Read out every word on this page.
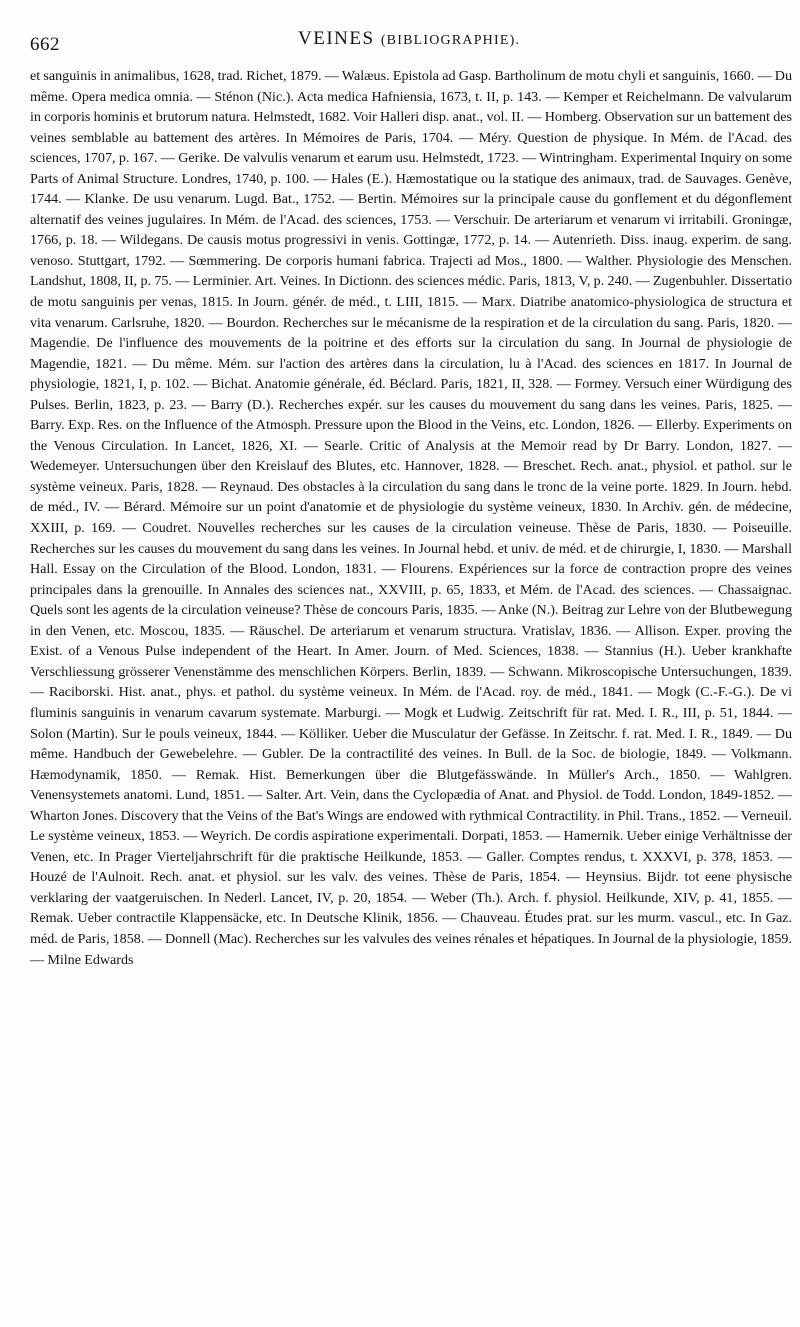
662	VEINES (BIBLIOGRAPHIE).

et sanguinis in animalibus, 1628, trad. Richet, 1879. — Walæus. Epistola ad Gasp. Bartholinum de motu chyli et sanguinis, 1660. — Du même. Opera medica omnia. — Sténon (Nic.). Acta medica Hafniensia, 1673, t. II, p. 143. — Kemper et Reichelmann. De valvularum in corporis hominis et brutorum natura. Helmstedt, 1682. Voir Halleri disp. anat., vol. II. — Homberg. Observation sur un battement des veines semblable au battement des artères. In Mémoires de Paris, 1704. — Méry. Question de physique. In Mém. de l'Acad. des sciences, 1707, p. 167. — Gerike. De valvulis venarum et earum usu. Helmstedt, 1723. — Wintringham. Experimental Inquiry on some Parts of Animal Structure. Londres, 1740, p. 100. — Hales (E.). Hæmostatique ou la statique des animaux, trad. de Sauvages. Genève, 1744. — Klanke. De usu venarum. Lugd. Bat., 1752. — Bertin. Mémoires sur la principale cause du gonflement et du dégonflement alternatif des veines jugulaires. In Mém. de l'Acad. des sciences, 1753. — Verschuir. De arteriarum et venarum vi irritabili. Groningæ, 1766, p. 18. — Wildegans. De causis motus progressivi in venis. Gottingæ, 1772, p. 14. — Autenrieth. Diss. inaug. experim. de sang. venoso. Stuttgart, 1792. — Sœmmering. De corporis humani fabrica. Trajecti ad Mos., 1800. — Walther. Physiologie des Menschen. Landshut, 1808, II, p. 75. — Lerminier. Art. Veines. In Dictionn. des sciences médic. Paris, 1813, V, p. 240. — Zugenbuhler. Dissertatio de motu sanguinis per venas, 1815. In Journ. génér. de méd., t. LIII, 1815. — Marx. Diatribe anatomico-physiologica de structura et vita venarum. Carlsruhe, 1820. — Bourdon. Recherches sur le mécanisme de la respiration et de la circulation du sang. Paris, 1820. — Magendie. De l'influence des mouvements de la poitrine et des efforts sur la circulation du sang. In Journal de physiologie de Magendie, 1821. — Du même. Mém. sur l'action des artères dans la circulation, lu à l'Acad. des sciences en 1817. In Journal de physiologie, 1821, I, p. 102. — Bichat. Anatomie générale, éd. Béclard. Paris, 1821, II, 328. — Formey. Versuch einer Würdigung des Pulses. Berlin, 1823, p. 23. — Barry (D.). Recherches expér. sur les causes du mouvement du sang dans les veines. Paris, 1825. — Barry. Exp. Res. on the Influence of the Atmosph. Pressure upon the Blood in the Veins, etc. London, 1826. — Ellerby. Experiments on the Venous Circulation. In Lancet, 1826, XI. — Searle. Critic of Analysis at the Memoir read by Dr Barry. London, 1827. — Wedemeyer. Untersuchungen über den Kreislauf des Blutes, etc. Hannover, 1828. — Breschet. Rech. anat., physiol. et pathol. sur le système veineux. Paris, 1828. — Reynaud. Des obstacles à la circulation du sang dans le tronc de la veine porte. 1829. In Journ. hebd. de méd., IV. — Bérard. Mémoire sur un point d'anatomie et de physiologie du système veineux, 1830. In Archiv. gén. de médecine, XXIII, p. 169. — Coudret. Nouvelles recherches sur les causes de la circulation veineuse. Thèse de Paris, 1830. — Poiseuille. Recherches sur les causes du mouvement du sang dans les veines. In Journal hebd. et univ. de méd. et de chirurgie, I, 1830. — Marshall Hall. Essay on the Circulation of the Blood. London, 1831. — Flourens. Expériences sur la force de contraction propre des veines principales dans la grenouille. In Annales des sciences nat., XXVIII, p. 65, 1833, et Mém. de l'Acad. des sciences. — Chassaignac. Quels sont les agents de la circulation veineuse? Thèse de concours Paris, 1835. — Anke (N.). Beitrag zur Lehre von der Blutbewegung in den Venen, etc. Moscou, 1835. — Räuschel. De arteriarum et venarum structura. Vratislav, 1836. — Allison. Exper. proving the Exist. of a Venous Pulse independent of the Heart. In Amer. Journ. of Med. Sciences, 1838. — Stannius (H.). Ueber krankhafte Verschliessung grösserer Venenstämme des menschlichen Körpers. Berlin, 1839. — Schwann. Mikroscopische Untersuchungen, 1839. — Raciborski. Hist. anat., phys. et pathol. du système veineux. In Mém. de l'Acad. roy. de méd., 1841. — Mogk (C.-F.-G.). De vi fluminis sanguinis in venarum cavarum systemate. Marburgi. — Mogk et Ludwig. Zeitschrift für rat. Med. I. R., III, p. 51, 1844. — Solon (Martin). Sur le pouls veineux, 1844. — Kölliker. Ueber die Musculatur der Gefässe. In Zeitschr. f. rat. Med. I. R., 1849. — Du même. Handbuch der Gewebelehre. — Gubler. De la contractilité des veines. In Bull. de la Soc. de biologie, 1849. — Volkmann. Hæmodynamik, 1850. — Remak. Hist. Bemerkungen über die Blutgefässwände. In Müller's Arch., 1850. — Wahlgren. Venensystemets anatomi. Lund, 1851. — Salter. Art. Vein, dans the Cyclopædia of Anat. and Physiol. de Todd. London, 1849-1852. — Wharton Jones. Discovery that the Veins of the Bat's Wings are endowed with rythmical Contractility. in Phil. Trans., 1852. — Verneuil. Le système veineux, 1853. — Weyrich. De cordis aspiratione experimentali. Dorpati, 1853. — Hamernik. Ueber einige Verhältnisse der Venen, etc. In Prager Vierteljahrschrift für die praktische Heilkunde, 1853. — Galler. Comptes rendus, t. XXXVI, p. 378, 1853. — Houzé de l'Aulnoit. Rech. anat. et physiol. sur les valv. des veines. Thèse de Paris, 1854. — Heynsius. Bijdr. tot eene physische verklaring der vaatgeruischen. In Nederl. Lancet, IV, p. 20, 1854. — Weber (Th.). Arch. f. physiol. Heilkunde, XIV, p. 41, 1855. — Remak. Ueber contractile Klappensäcke, etc. In Deutsche Klinik, 1856. — Chauveau. Études prat. sur les murm. vascul., etc. In Gaz. méd. de Paris, 1858. — Donnell (Mac). Recherches sur les valvules des veines rénales et hépatiques. In Journal de la physiologie, 1859. — Milne Edwards
